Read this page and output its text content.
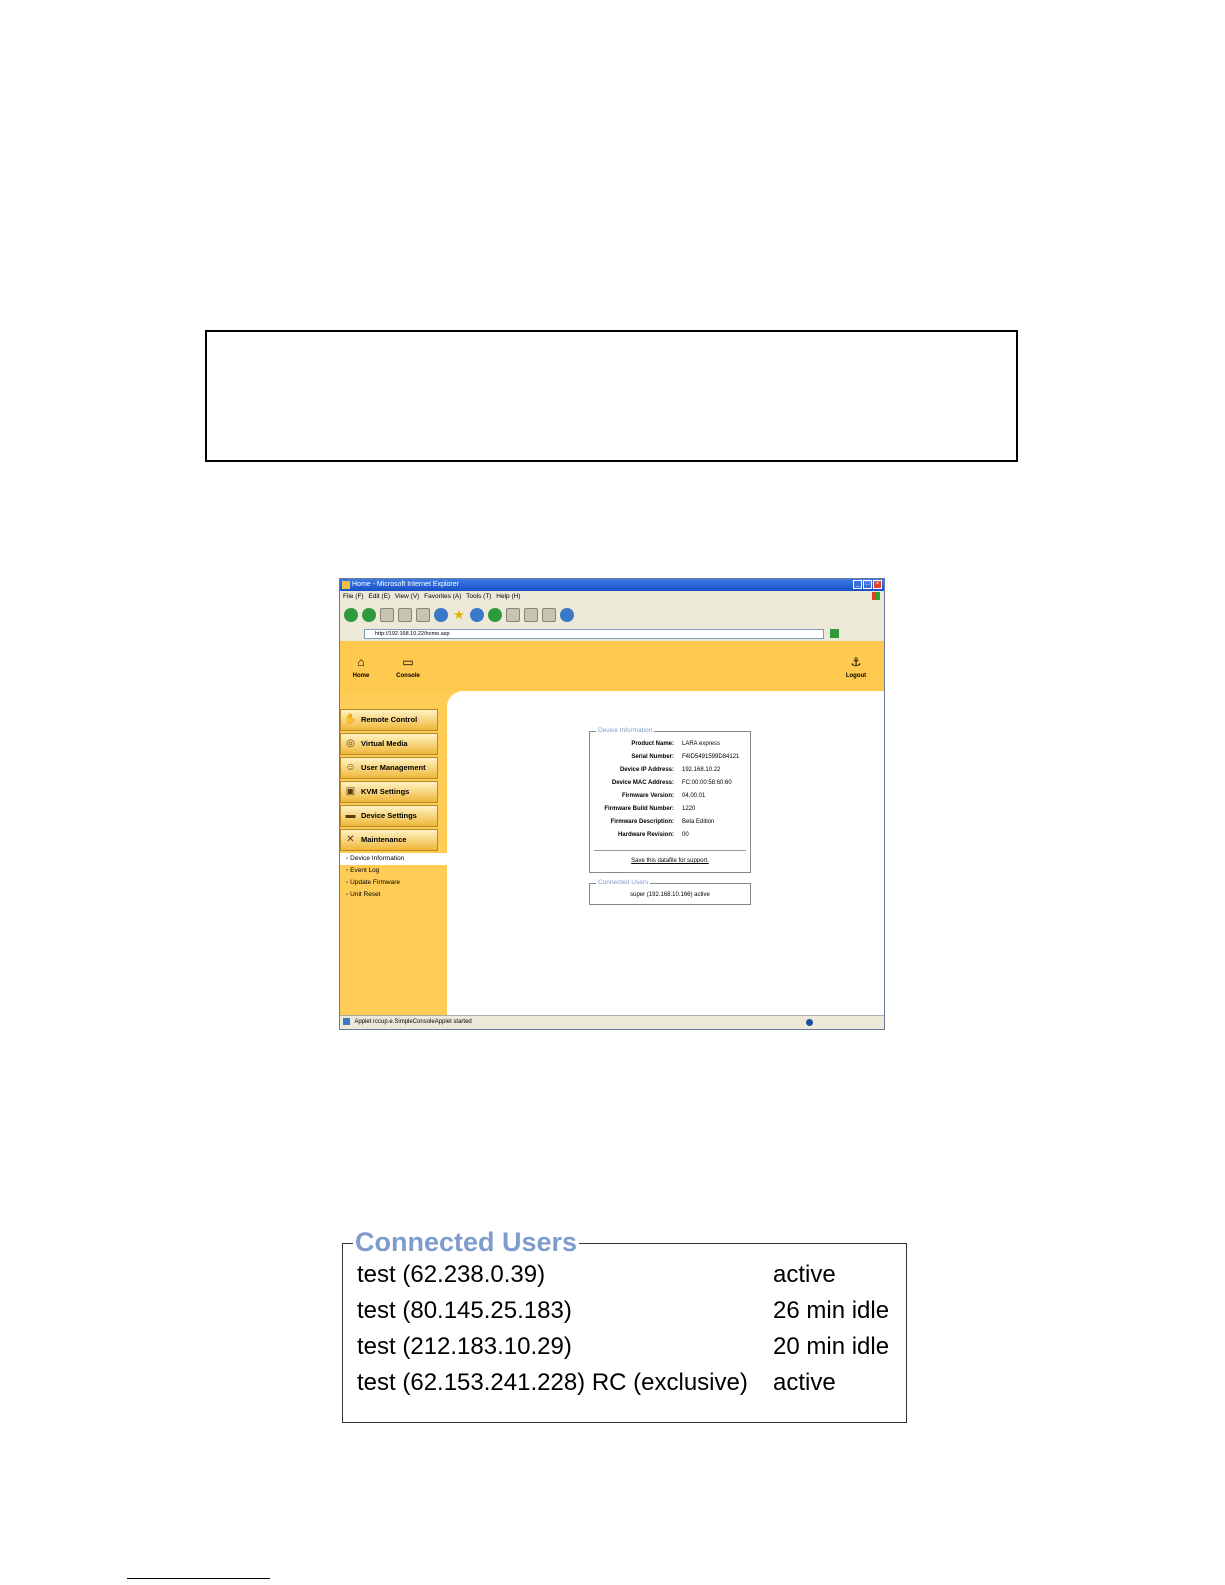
Home - Microsoft Internet Explorer	_	□	×
File (F) Edit (E) View (V) Favorites (A) Tools (T) Help (H)
★
http://192.168.10.22/home.asp
⌂
Home
▭
Console
⚓
Logout
Device Information
Product Name: LARA express
Serial Number: F4ID5491599D84121
Device IP Address: 192.168.10.22
Device MAC Address: FC:00:00:58:60:60
Firmware Version: 04.00.01
Firmware Build Number: 1220
Firmware Description: Beta Edition
Hardware Revision: 00
Save this datafile for support.
Connected Users
super (192.168.10.166) active
✋ Remote Control
◎ Virtual Media
☺ User Management
▣ KVM Settings
▬ Device Settings
✕ Maintenance
▫ Device Information
▫ Event Log
▫ Update Firmware
▫ Unit Reset
Applet rccup.e.SimpleConsoleApplet started
Connected Users
test (62.238.0.39)	active
test (80.145.25.183)	26 min idle
test (212.183.10.29)	20 min idle
test (62.153.241.228) RC (exclusive) active
